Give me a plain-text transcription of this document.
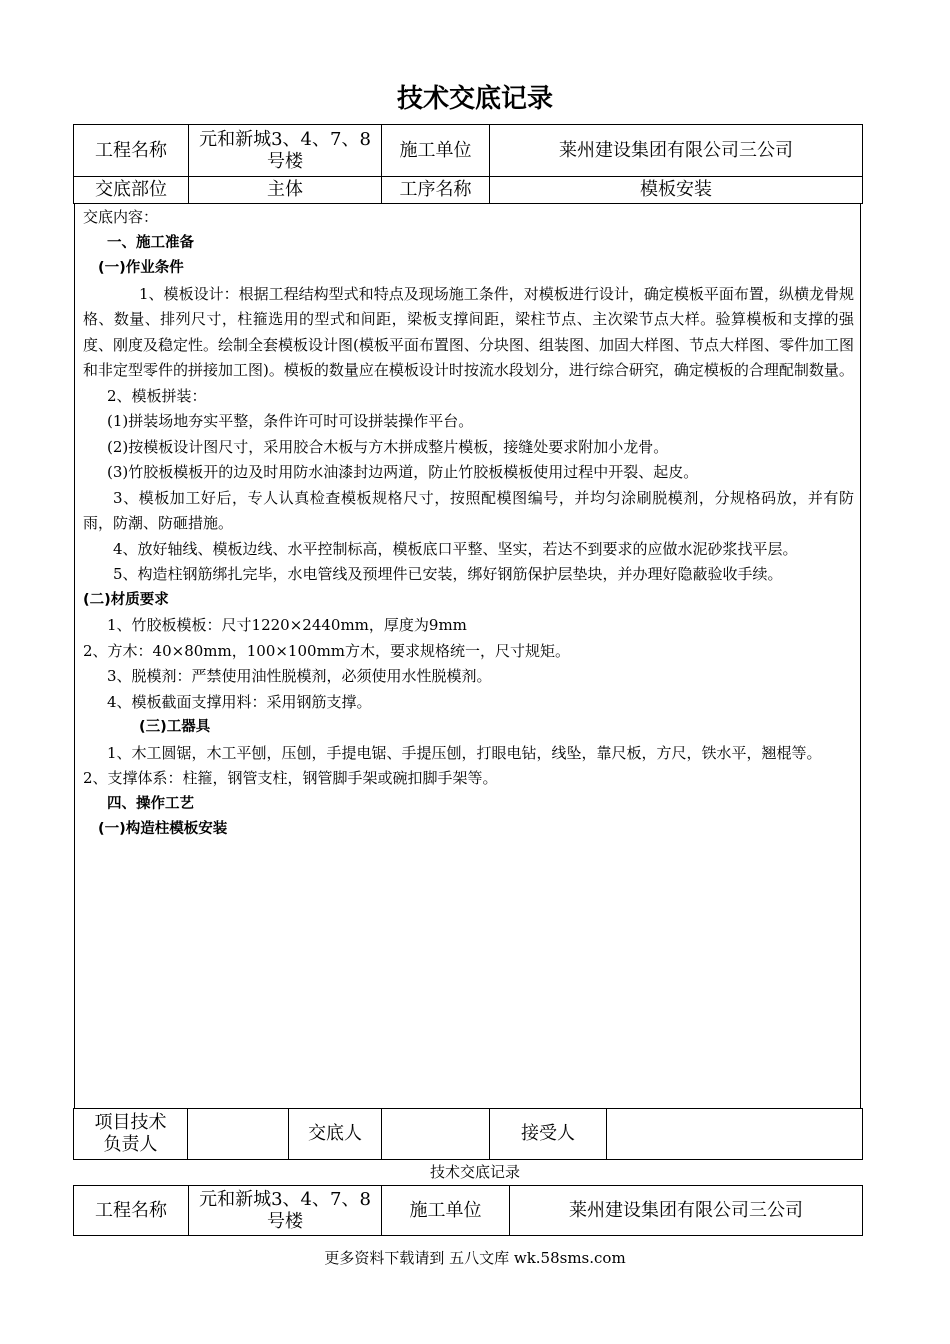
技术交底记录
工程名称	元和新城3、4、7、8号楼	施工单位	莱州建设集团有限公司三公司
交底部位	主体	工序名称	模板安装

交底内容：

一、施工准备

(一)作业条件

1、模板设计：根据工程结构型式和特点及现场施工条件，对模板进行设计，确定模板平面布置，纵横龙骨规格、数量、排列尺寸，柱箍选用的型式和间距，梁板支撑间距，梁柱节点、主次梁节点大样。验算模板和支撑的强度、刚度及稳定性。绘制全套模板设计图(模板平面布置图、分块图、组装图、加固大样图、节点大样图、零件加工图和非定型零件的拼接加工图)。模板的数量应在模板设计时按流水段划分，进行综合研究，确定模板的合理配制数量。

2、模板拼装：

(1)拼装场地夯实平整，条件许可时可设拼装操作平台。

(2)按模板设计图尺寸，采用胶合木板与方木拼成整片模板，接缝处要求附加小龙骨。

(3)竹胶板模板开的边及时用防水油漆封边两道，防止竹胶板模板使用过程中开裂、起皮。

3、模板加工好后，专人认真检查模板规格尺寸，按照配模图编号，并均匀涂刷脱模剂，分规格码放，并有防雨，防潮、防砸措施。

4、放好轴线、模板边线、水平控制标高，模板底口平整、坚实，若达不到要求的应做水泥砂浆找平层。

5、构造柱钢筋绑扎完毕，水电管线及预埋件已安装，绑好钢筋保护层垫块，并办理好隐蔽验收手续。

(二)材质要求

1、竹胶板模板：尺寸1220×2440mm，厚度为9mm

2、方木：40×80mm，100×100mm方木，要求规格统一，尺寸规矩。

3、脱模剂：严禁使用油性脱模剂，必须使用水性脱模剂。

4、模板截面支撑用料：采用钢筋支撑。

(三)工器具

1、木工圆锯，木工平刨，压刨，手提电锯、手提压刨，打眼电钻，线坠，靠尺板，方尺，铁水平，翘棍等。

2、支撑体系：柱箍，钢管支柱，钢管脚手架或碗扣脚手架等。

四、操作工艺

(一)构造柱模板安装

项目技术负责人		交底人		接受人	
技术交底记录
工程名称	元和新城3、4、7、8号楼	施工单位	莱州建设集团有限公司三公司
更多资料下载请到 五八文库 wk.58sms.com
